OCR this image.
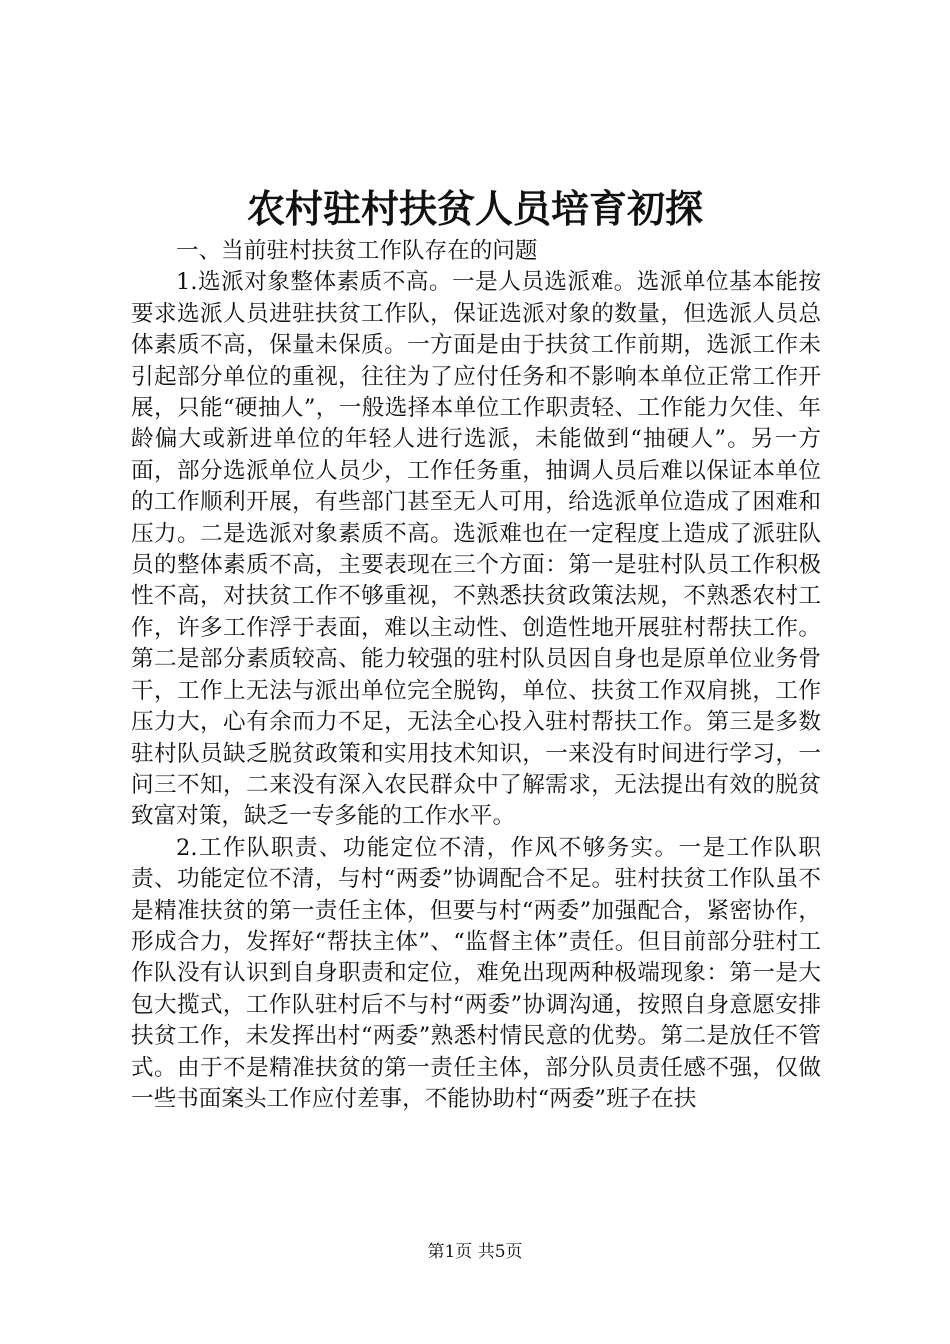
农村驻村扶贫人员培育初探

一、当前驻村扶贫工作队存在的问题

1.选派对象整体素质不高。一是人员选派难。选派单位基本能按要求选派人员进驻扶贫工作队，保证选派对象的数量，但选派人员总体素质不高，保量未保质。一方面是由于扶贫工作前期，选派工作未引起部分单位的重视，往往为了应付任务和不影响本单位正常工作开展，只能“硬抽人”，一般选择本单位工作职责轻、工作能力欠佳、年龄偏大或新进单位的年轻人进行选派，未能做到“抽硬人”。另一方面，部分选派单位人员少，工作任务重，抽调人员后难以保证本单位的工作顺利开展，有些部门甚至无人可用，给选派单位造成了困难和压力。二是选派对象素质不高。选派难也在一定程度上造成了派驻队员的整体素质不高，主要表现在三个方面：第一是驻村队员工作积极性不高，对扶贫工作不够重视，不熟悉扶贫政策法规，不熟悉农村工作，许多工作浮于表面，难以主动性、创造性地开展驻村帮扶工作。第二是部分素质较高、能力较强的驻村队员因自身也是原单位业务骨干，工作上无法与派出单位完全脱钩，单位、扶贫工作双肩挑，工作压力大，心有余而力不足，无法全心投入驻村帮扶工作。第三是多数驻村队员缺乏脱贫政策和实用技术知识，一来没有时间进行学习，一问三不知，二来没有深入农民群众中了解需求，无法提出有效的脱贫致富对策，缺乏一专多能的工作水平。

2.工作队职责、功能定位不清，作风不够务实。一是工作队职责、功能定位不清，与村“两委”协调配合不足。驻村扶贫工作队虽不是精准扶贫的第一责任主体，但要与村“两委”加强配合，紧密协作，形成合力，发挥好“帮扶主体”、“监督主体”责任。但目前部分驻村工作队没有认识到自身职责和定位，难免出现两种极端现象：第一是大包大揽式，工作队驻村后不与村“两委”协调沟通，按照自身意愿安排扶贫工作，未发挥出村“两委”熟悉村情民意的优势。第二是放任不管式。由于不是精准扶贫的第一责任主体，部分队员责任感不强，仅做一些书面案头工作应付差事，不能协助村“两委”班子在扶

第1页 共5页
